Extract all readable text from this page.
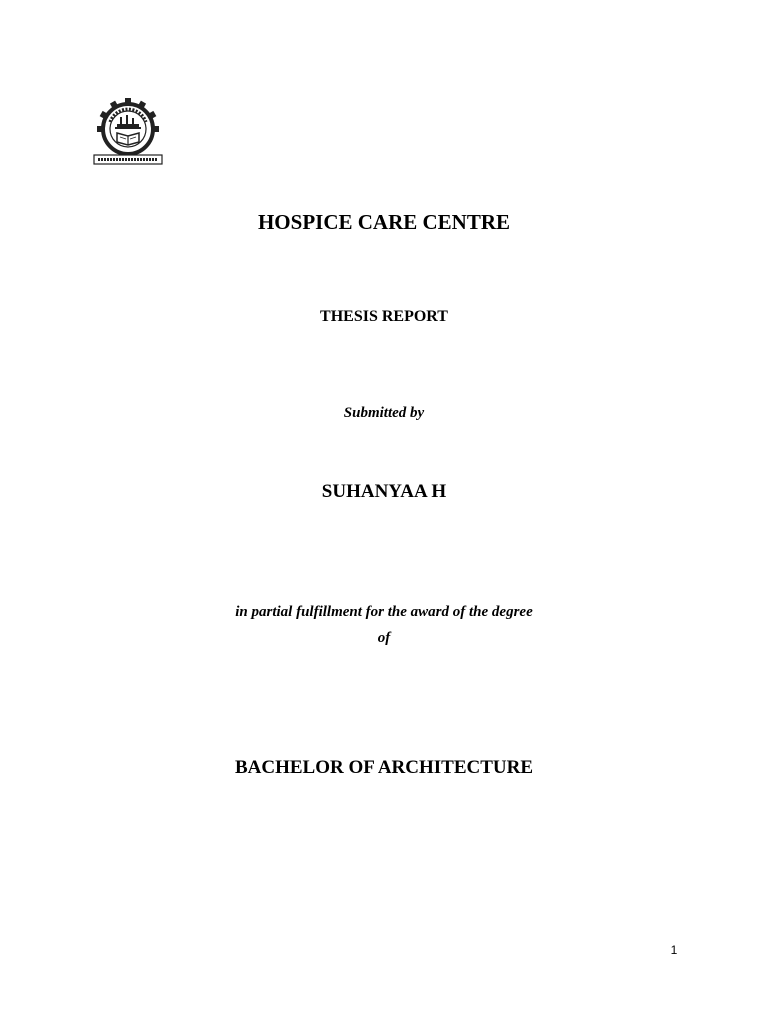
HOSPICE CARE CENTRE
THESIS REPORT
Submitted by
SUHANYAA H
in partial fulfillment for the award of the degree
of
BACHELOR OF ARCHITECTURE
1
